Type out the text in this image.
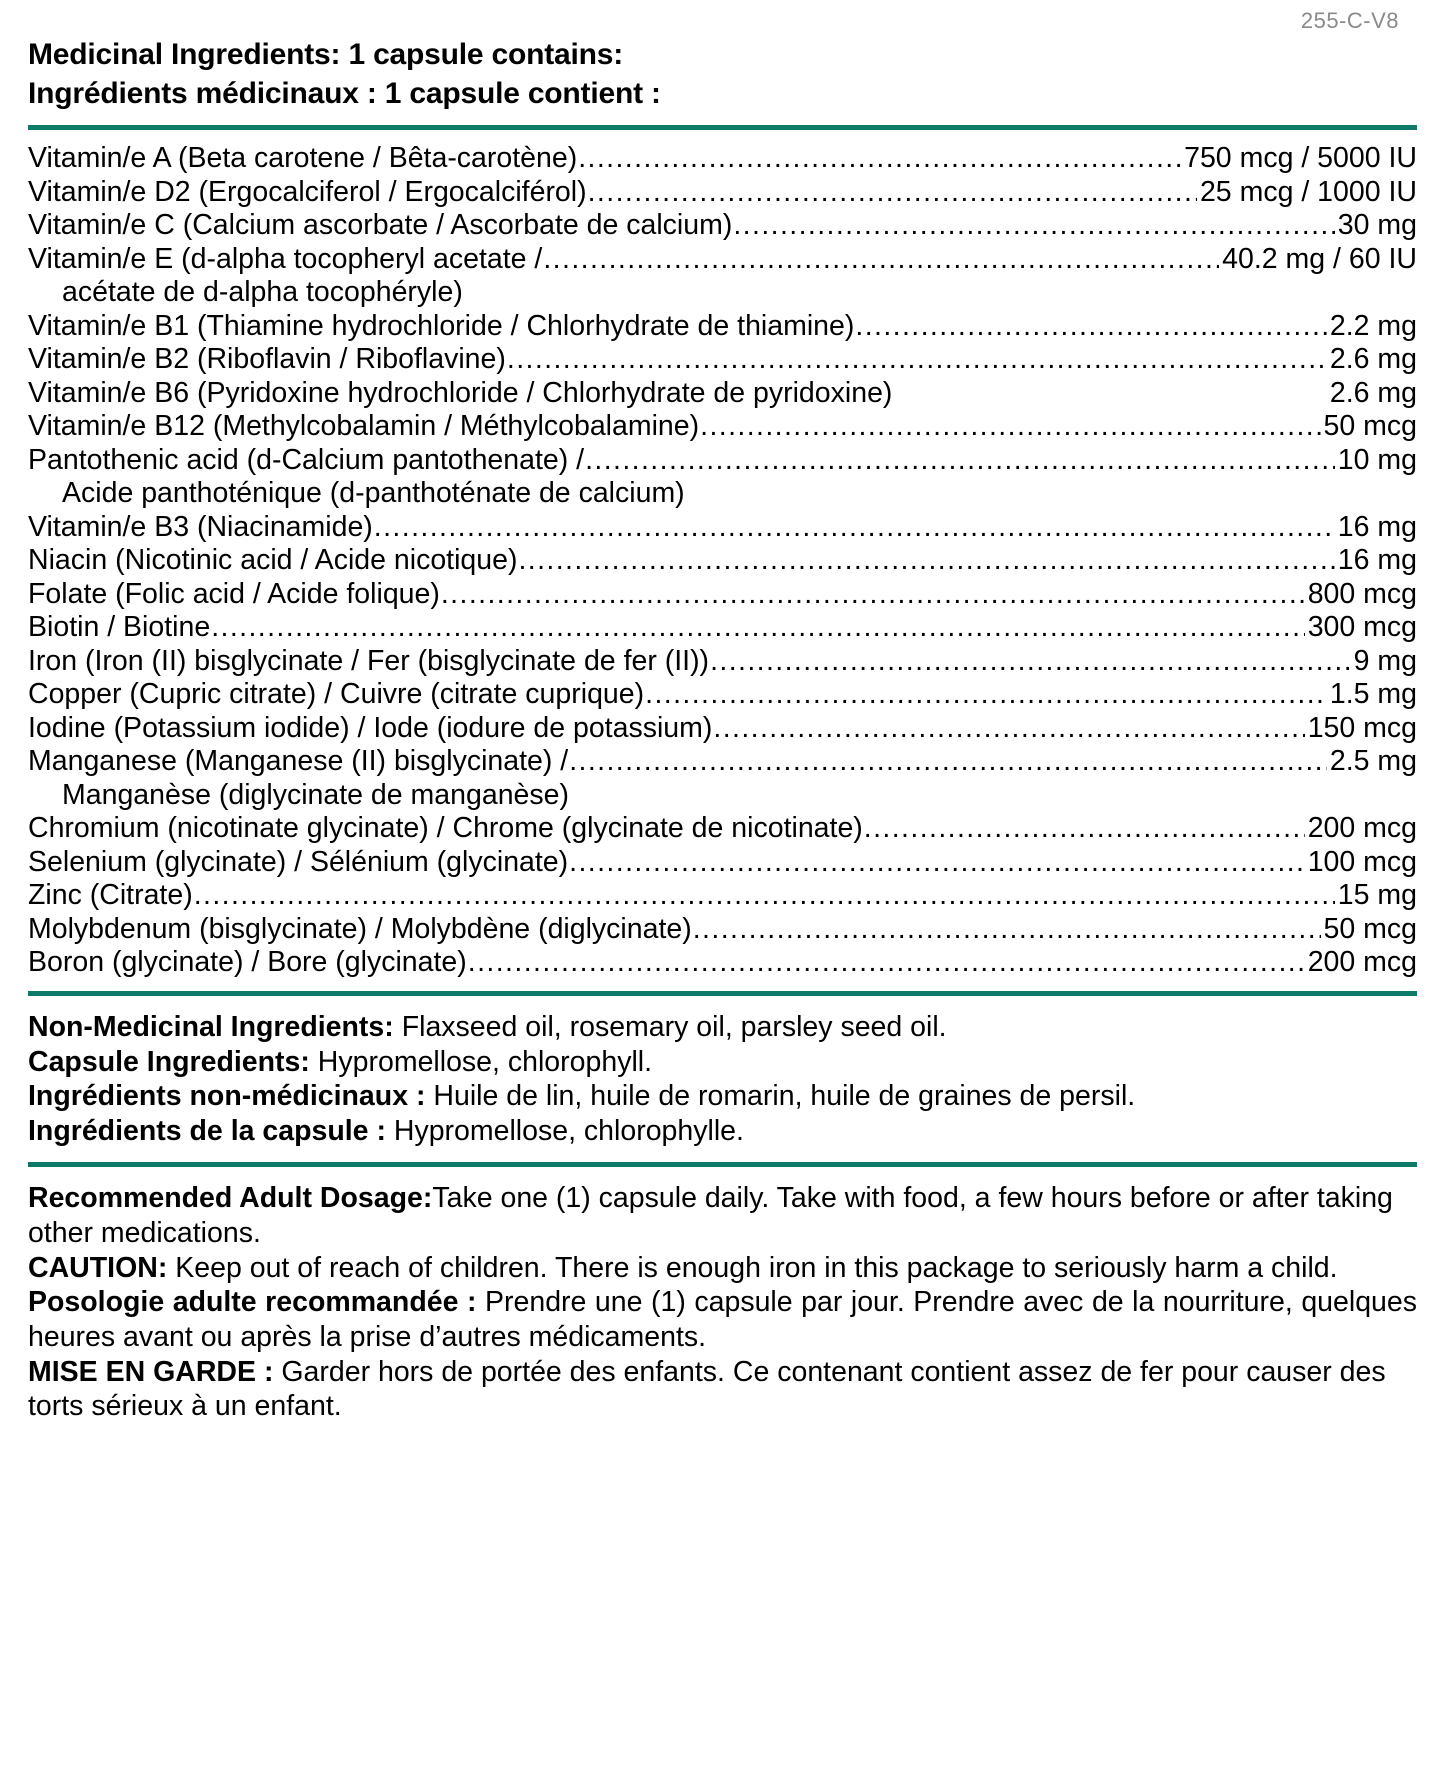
255-C-V8
Medicinal Ingredients: 1 capsule contains:
Ingrédients médicinaux : 1 capsule contient :
Vitamin/e A (Beta carotene / Bêta-carotène) .....	750 mcg / 5000 IU
Vitamin/e D2 (Ergocalciferol / Ergocalciférol) .....	25 mcg / 1000 IU
Vitamin/e C (Calcium ascorbate / Ascorbate de calcium) .....	30 mg
Vitamin/e E (d-alpha tocopheryl acetate / .....	40.2 mg / 60 IU
acétate de d-alpha tocophéryle)
Vitamin/e B1 (Thiamine hydrochloride / Chlorhydrate de thiamine) .....	2.2 mg
Vitamin/e B2 (Riboflavin / Riboflavine) .....	2.6 mg
Vitamin/e B6 (Pyridoxine hydrochloride / Chlorhydrate de pyridoxine)	2.6 mg
Vitamin/e B12 (Methylcobalamin / Méthylcobalamine) .....	50 mcg
Pantothenic acid (d-Calcium pantothenate) / .....	10 mg
Acide panthoténique (d-panthoténate de calcium)
Vitamin/e B3 (Niacinamide) .....	16 mg
Niacin (Nicotinic acid / Acide nicotique) .....	16 mg
Folate (Folic acid / Acide folique) .....	800 mcg
Biotin / Biotine .....	300 mcg
Iron (Iron (II) bisglycinate / Fer (bisglycinate de fer (II)) .....	9 mg
Copper (Cupric citrate) / Cuivre (citrate cuprique) .....	1.5 mg
Iodine (Potassium iodide) / Iode (iodure de potassium) .....	150 mcg
Manganese (Manganese (II) bisglycinate) / .....	2.5 mg
Manganèse (diglycinate de manganèse)
Chromium (nicotinate glycinate) / Chrome (glycinate de nicotinate) .....	200 mcg
Selenium (glycinate) / Sélénium (glycinate) .....	100 mcg
Zinc (Citrate) .....	15 mg
Molybdenum (bisglycinate) / Molybdène (diglycinate) .....	50 mcg
Boron (glycinate) / Bore (glycinate) .....	200 mcg

Non-Medicinal Ingredients: Flaxseed oil, rosemary oil, parsley seed oil.

Capsule Ingredients: Hypromellose, chlorophyll.

Ingrédients non-médicinaux : Huile de lin, huile de romarin, huile de graines de persil.

Ingrédients de la capsule : Hypromellose, chlorophylle.

Recommended Adult Dosage:Take one (1) capsule daily. Take with food, a few hours before or after taking other medications.

CAUTION: Keep out of reach of children. There is enough iron in this package to seriously harm a child.

Posologie adulte recommandée : Prendre une (1) capsule par jour. Prendre avec de la nourriture, quelques heures avant ou après la prise d’autres médicaments.

MISE EN GARDE : Garder hors de portée des enfants. Ce contenant contient assez de fer pour causer des torts sérieux à un enfant.
